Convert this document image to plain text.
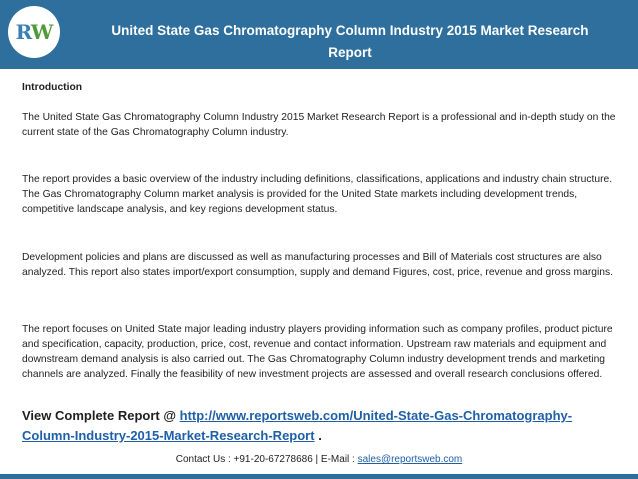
RW	United State Gas Chromatography Column Industry 2015 Market Research Report

Introduction

The United State Gas Chromatography Column Industry 2015 Market Research Report is a professional and in-depth study on the current state of the Gas Chromatography Column industry.

The report provides a basic overview of the industry including definitions, classifications, applications and industry chain structure. The Gas Chromatography Column market analysis is provided for the United State markets including development trends, competitive landscape analysis, and key regions development status.

Development policies and plans are discussed as well as manufacturing processes and Bill of Materials cost structures are also analyzed. This report also states import/export consumption, supply and demand Figures, cost, price, revenue and gross margins.

The report focuses on United State major leading industry players providing information such as company profiles, product picture and specification, capacity, production, price, cost, revenue and contact information. Upstream raw materials and equipment and downstream demand analysis is also carried out. The Gas Chromatography Column industry development trends and marketing channels are analyzed. Finally the feasibility of new investment projects are assessed and overall research conclusions offered.

View Complete Report @ http://www.reportsweb.com/United-State-Gas-Chromatography-Column-Industry-2015-Market-Research-Report .
Contact Us : +91-20-67278686 | E-Mail : sales@reportsweb.com
